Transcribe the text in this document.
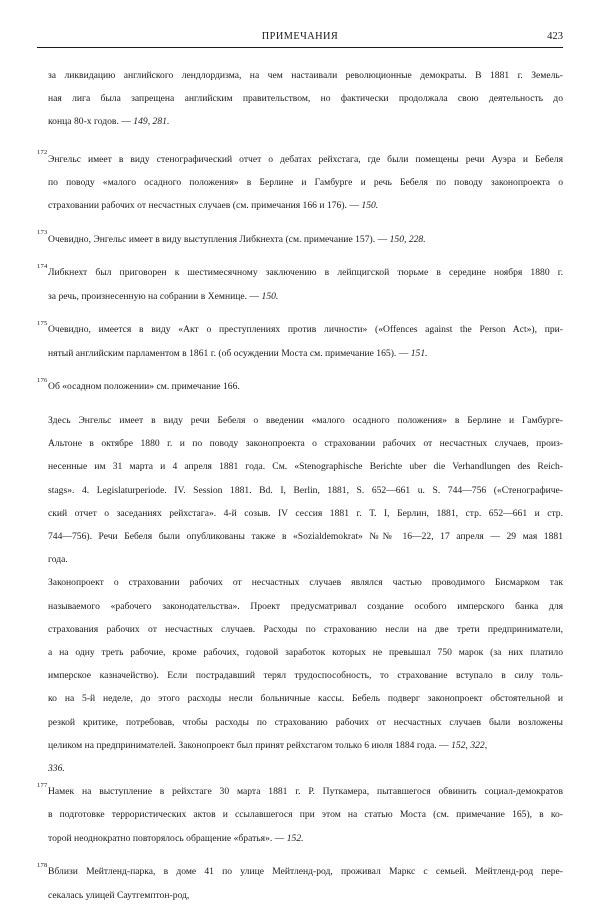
ПРИМЕЧАНИЯ	423

за ликвидацию английского лендлордизма, на чем настаивали революционные демократы. В 1881 г. Земель-

ная лига была запрещена английским правительством, но фактически продолжала свою деятельность до

конца 80-х годов. — 149, 281.

172

Энгельс имеет в виду стенографический отчет о дебатах рейхстага, где были помещены речи Ауэра и Бебеля

по поводу «малого осадного положения» в Берлине и Гамбурге и речь Бебеля по поводу законопроекта о

страховании рабочих от несчастных случаев (см. примечания 166 и 176). — 150.

173

Очевидно, Энгельс имеет в виду выступления Либкнехта (см. примечание 157). — 150, 228.

174

Либкнехт был приговорен к шестимесячному заключению в лейпцигской тюрьме в середине ноября 1880 г.

за речь, произнесенную на собрании в Хемнице. — 150.

175

Очевидно, имеется в виду «Акт о преступлениях против личности» («Offences against the Person Act»), при-

нятый английским парламентом в 1861 г. (об осуждении Моста см. примечание 165). — 151.

176

Об «осадном положении» см. примечание 166.

Здесь Энгельс имеет в виду речи Бебеля о введении «малого осадного положения» в Берлине и Гамбурге-

Альтоне в октябре 1880 г. и по поводу законопроекта о страховании рабочих от несчастных случаев, произ-

несенные им 31 марта и 4 апреля 1881 года. См. «Stenographische Berichte uber die Verhandlungen des Reich-

stags». 4. Legislaturperiode. IV. Session 1881. Bd. I, Berlin, 1881, S. 652—661 u. S. 744—756 («Стенографиче-

ский отчет о заседаниях рейхстага». 4-й созыв. IV сессия 1881 г. Т. I, Берлин, 1881, стр. 652—661 и стр.

744—756). Речи Бебеля были опубликованы также в «Sozialdemokrat» №№ 16—22, 17 апреля — 29 мая 1881

года.

Законопроект о страховании рабочих от несчастных случаев являлся частью проводимого Бисмарком так

называемого «рабочего законодательства». Проект предусматривал создание особого имперского банка для

страхования рабочих от несчастных случаев. Расходы по страхованию несли на две трети предприниматели,

а на одну треть рабочие, кроме рабочих, годовой заработок которых не превышал 750 марок (за них платило

имперское казначейство). Если пострадавший терял трудоспособность, то страхование вступало в силу толь-

ко на 5-й неделе, до этого расходы несли больничные кассы. Бебель подверг законопроект обстоятельной и

резкой критике, потребовав, чтобы расходы по страхованию рабочих от несчастных случаев были возложены

целиком на предпринимателей. Законопроект был принят рейхстагом только 6 июля 1884 года. — 152, 322,

336.

177

Намек на выступление в рейхстаге 30 марта 1881 г. Р. Путкамера, пытавшегося обвинить социал-демократов

в подготовке террористических актов и ссылавшегося при этом на статью Моста (см. примечание 165), в ко-

торой неоднократно повторялось обращение «братья». — 152.

178

Вблизи Мейтленд-парка, в доме 41 по улице Мейтленд-род, проживал Маркс с семьей. Мейтленд-род пере-

секалась улицей Саутгемптон-род,
